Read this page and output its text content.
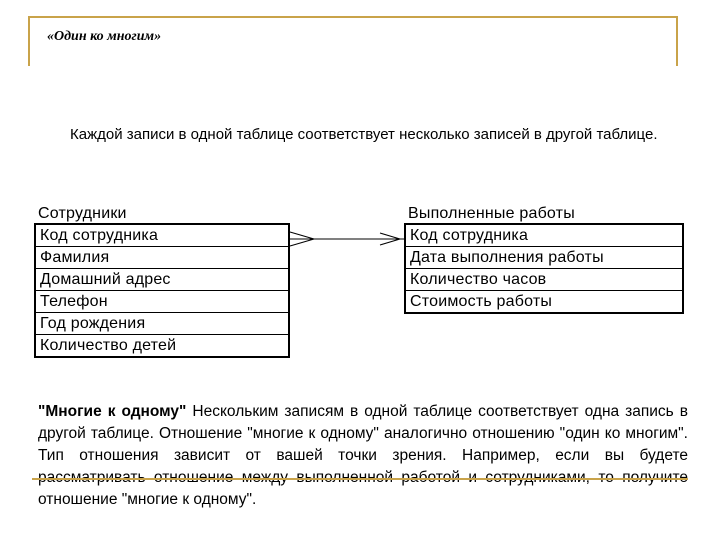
«Один ко многим»
Каждой записи в одной таблице соответствует несколько записей в другой таблице.
Сотрудники
Код сотрудника
Фамилия
Домашний адрес
Телефон
Год рождения
Количество детей
Выполненные работы
Код сотрудника
Дата выполнения работы
Количество часов
Стоимость работы
"Многие к одному" Нескольким записям в одной таблице соответствует одна запись в другой таблице. Отношение "многие к одному" аналогично отношению "один ко многим". Тип отношения зависит от вашей точки зрения. Например, если вы будете отношение "многие к одному".
